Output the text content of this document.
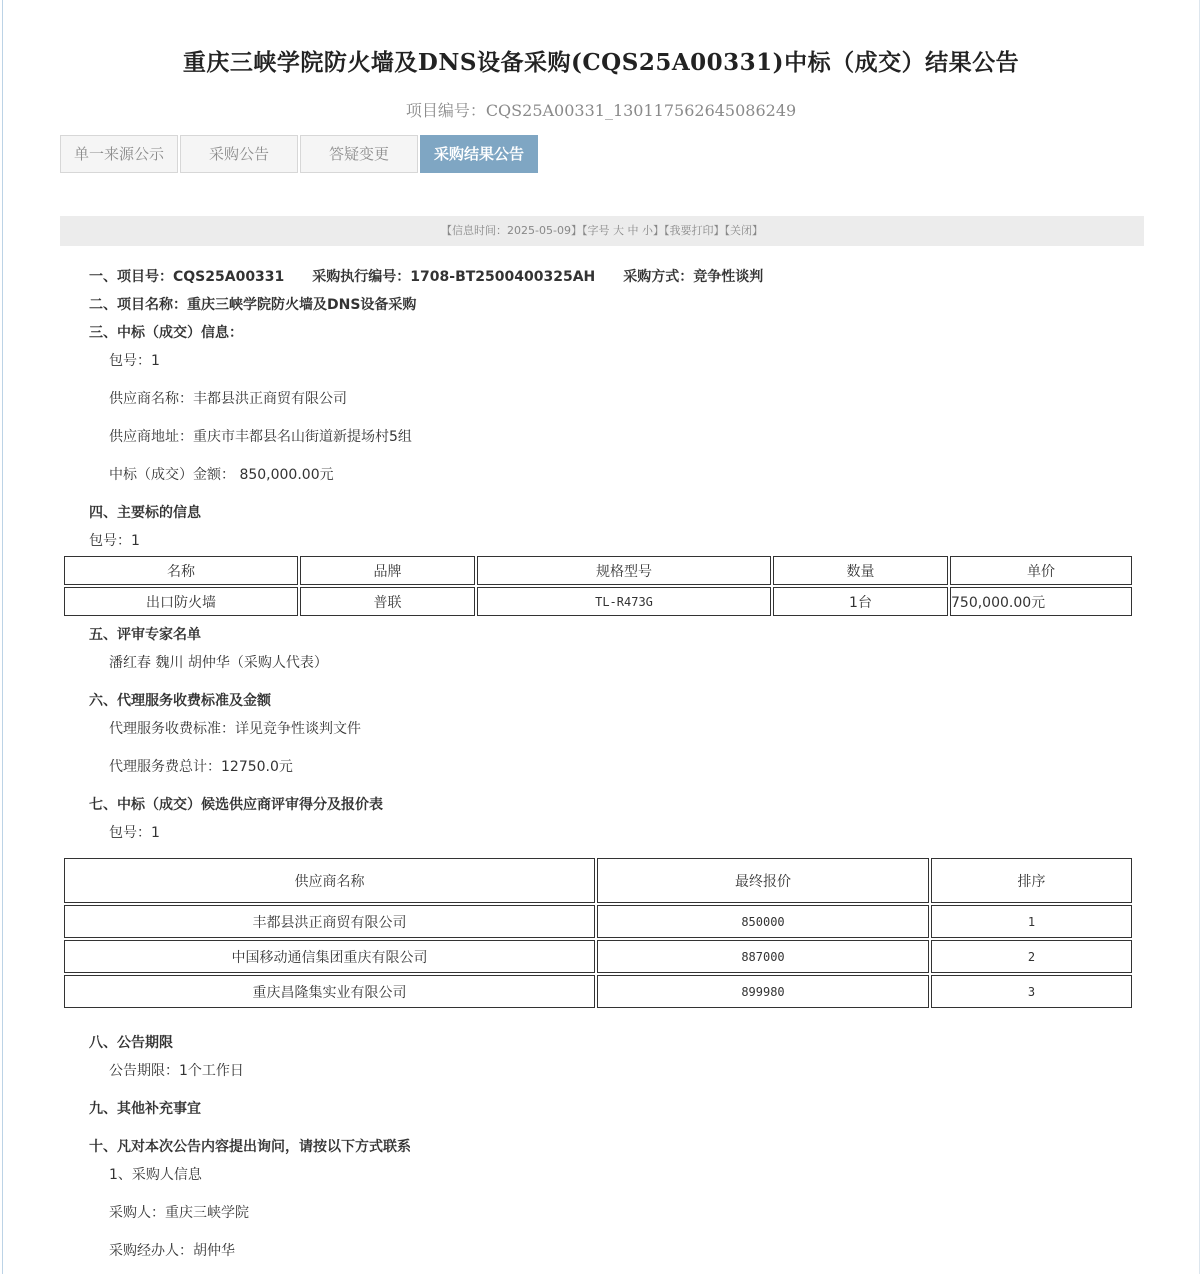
重庆三峡学院防火墙及DNS设备采购(CQS25A00331)中标（成交）结果公告
项目编号：CQS25A00331_1301175626450862​49
单一来源公示	采购公告	答疑变更	采购结果公告
【信息时间：2025-05-09】【字号 大 中 小】【我要打印】【关闭】
一、项目号：CQS25A00331 采购执行编号：1708-BT2500400325AH 采购方式：竞争性谈判
二、项目名称：重庆三峡学院防火墙及DNS设备采购
三、中标（成交）信息：
包号：1
供应商名称：丰都县洪正商贸有限公司
供应商地址：重庆市丰都县名山街道新提场村5组
中标（成交）金额： 850,000.00元
四、主要标的信息
包号：1
名称	品牌	规格型号	数量	单价
出口防火墙	普联	TL-R473G	1台	750,000.00元
五、评审专家名单
潘红春 魏川 胡仲华（采购人代表）
六、代理服务收费标准及金额
代理服务收费标准：详见竞争性谈判文件
代理服务费总计：12750.0元
七、中标（成交）候选供应商评审得分及报价表
包号：1
供应商名称	最终报价	排序
丰都县洪正商贸有限公司	850000	1
中国移动通信集团重庆有限公司	887000	2
重庆昌隆集实业有限公司	899980	3
八、公告期限
公告期限：1个工作日
九、其他补充事宜
十、凡对本次公告内容提出询问，请按以下方式联系
1、采购人信息
采购人：重庆三峡学院
采购经办人：胡仲华
